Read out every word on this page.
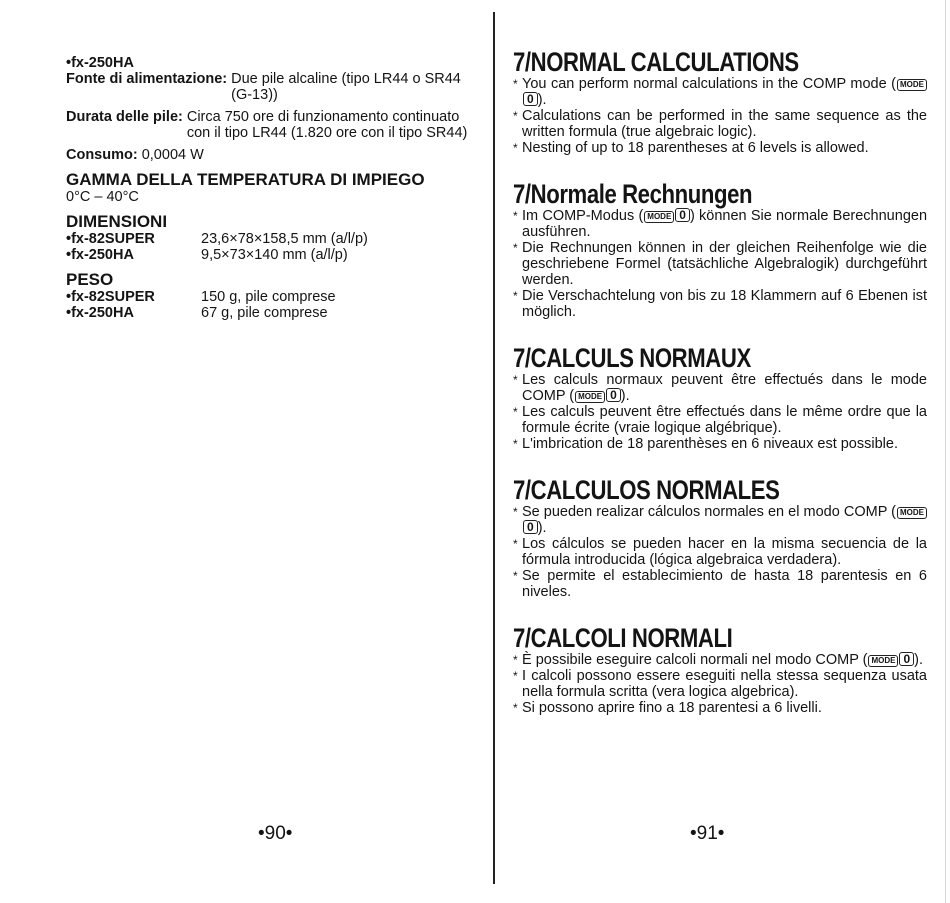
•fx-250HA
Fonte di alimentazione: Due pile alcaline (tipo LR44 o SR44 (G-13))
Durata delle pile: Circa 750 ore di funzionamento continuato con il tipo LR44 (1.820 ore con il tipo SR44)
Consumo: 0,0004 W
GAMMA DELLA TEMPERATURA DI IMPIEGO
0°C – 40°C
DIMENSIONI
•fx-82SUPER	23,6×78×158,5 mm (a/l/p)
•fx-250HA	9,5×73×140 mm (a/l/p)
PESO
•fx-82SUPER	150 g, pile comprese
•fx-250HA	67 g, pile comprese
•90•
7/NORMAL CALCULATIONS
* You can perform normal calculations in the COMP mode ( MODE0 ).
* Calculations can be performed in the same sequence as the written formula (true algebraic logic).
* Nesting of up to 18 parentheses at 6 levels is allowed.
7/Normale Rechnungen
* Im COMP-Modus ( MODE 0 ) können Sie normale Berechnungen ausführen.
* Die Rechnungen können in der gleichen Reihenfolge wie die geschriebene Formel (tatsächliche Algebralogik) durchgeführt werden.
* Die Verschachtelung von bis zu 18 Klammern auf 6 Ebenen ist möglich.
7/CALCULS NORMAUX
* Les calculs normaux peuvent être effectués dans le mode COMP ( MODE 0 ).
* Les calculs peuvent être effectués dans le même ordre que la formule écrite (vraie logique algébrique).
* L'imbrication de 18 parenthèses en 6 niveaux est possible.
7/CALCULOS NORMALES
* Se pueden realizar cálculos normales en el modo COMP ( MODE0 ).
* Los cálculos se pueden hacer en la misma secuencia de la fórmula introducida (lógica algebraica verdadera).
* Se permite el establecimiento de hasta 18 parentesis en 6 niveles.
7/CALCOLI NORMALI
* È possibile eseguire calcoli normali nel modo COMP ( MODE 0 ).
* I calcoli possono essere eseguiti nella stessa sequenza usata nella formula scritta (vera logica algebrica).
* Si possono aprire fino a 18 parentesi a 6 livelli.
•91•
